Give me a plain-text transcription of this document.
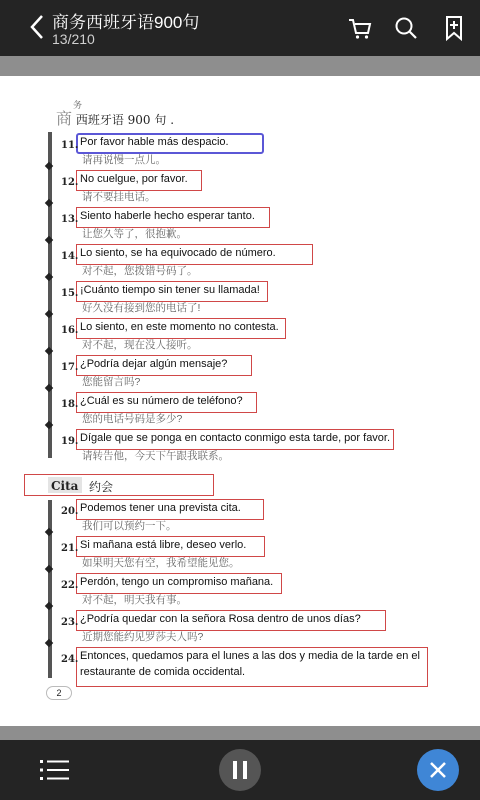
商务西班牙语900句
13/210
商
务
西班牙语 900 句 .
11. Por favor hable más despacio.
请再说慢一点儿。
12. No cuelgue, por favor.
请不要挂电话。
13. Siento haberle hecho esperar tanto.
让您久等了，很抱歉。
14. Lo siento, se ha equivocado de número.
对不起，您拨错号码了。
15. ¡Cuánto tiempo sin tener su llamada!
好久没有接到您的电话了!
16. Lo siento, en este momento no contesta.
对不起，现在没人接听。
17. ¿Podría dejar algún mensaje?
您能留言吗?
18. ¿Cuál es su número de teléfono?
您的电话号码是多少?
19. Dígale que se ponga en contacto conmigo esta tarde, por favor.
请转告他，今天下午跟我联系。
Cita 约会
20. Podemos tener una prevista cita.
我们可以预约一下。
21. Si mañana está libre, deseo verlo.
如果明天您有空，我希望能见您。
22. Perdón, tengo un compromiso mañana.
对不起，明天我有事。
23. ¿Podría quedar con la señora Rosa dentro de unos días?
近期您能约见罗莎夫人吗?
24. Entonces, quedamos para el lunes a las dos y media de la tarde en el
restaurante de comida occidental.
2
